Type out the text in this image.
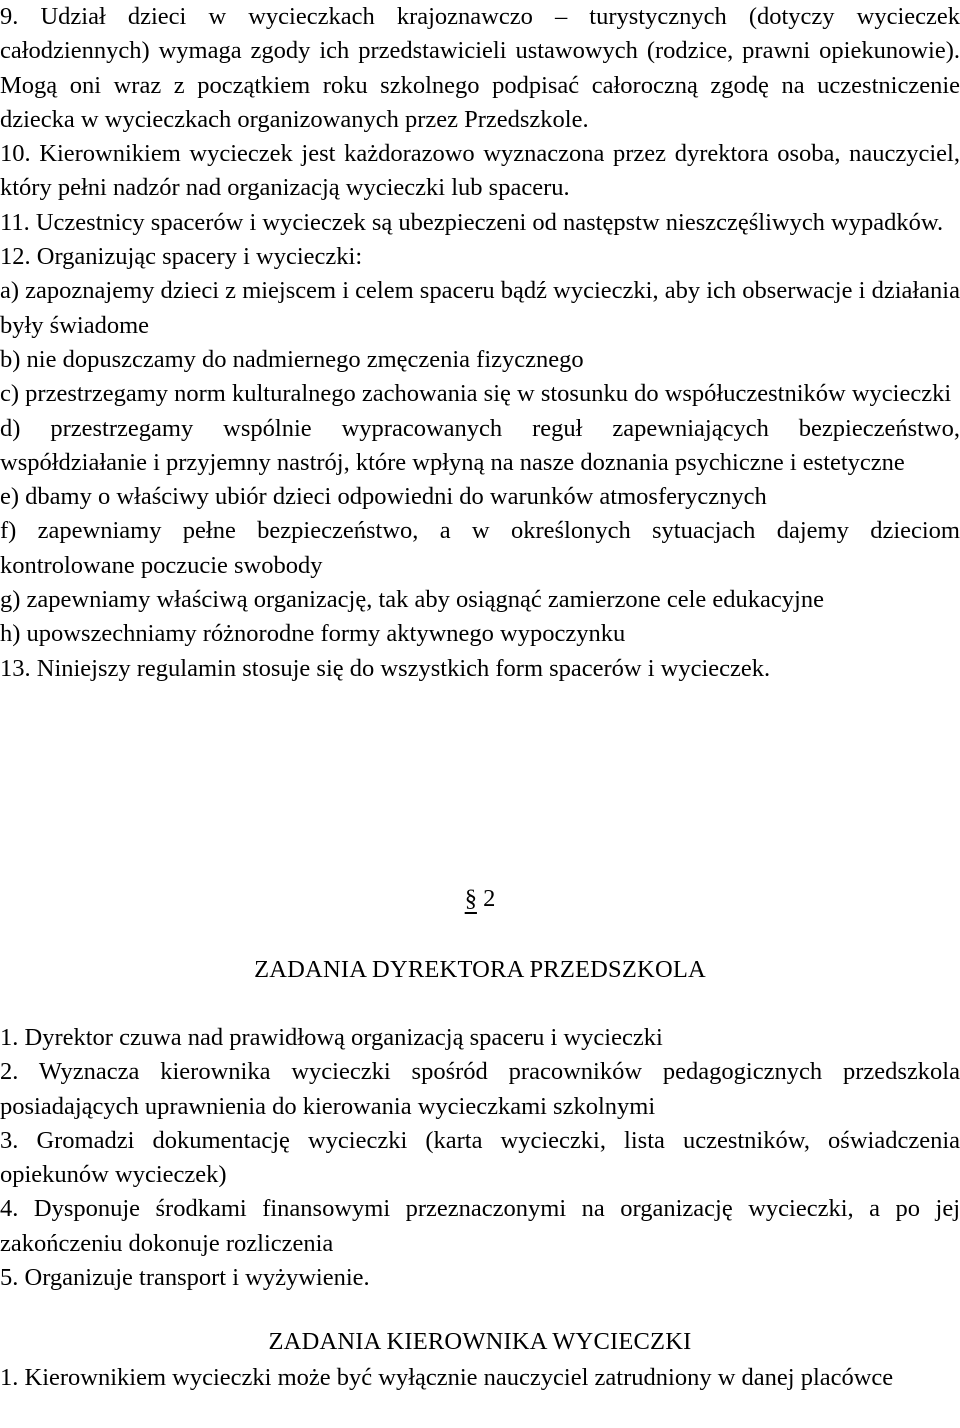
9. Udział dzieci w wycieczkach krajoznawczo – turystycznych (dotyczy wycieczek całodziennych) wymaga zgody ich przedstawicieli ustawowych (rodzice, prawni opiekunowie). Mogą oni wraz z początkiem roku szkolnego podpisać całoroczną zgodę na uczestniczenie dziecka w wycieczkach organizowanych przez Przedszkole.

10. Kierownikiem wycieczek jest każdorazowo wyznaczona przez dyrektora osoba, nauczyciel, który pełni nadzór nad organizacją wycieczki lub spaceru.

11. Uczestnicy spacerów i wycieczek są ubezpieczeni od następstw nieszczęśliwych wypadków.

12. Organizując spacery i wycieczki:

a) zapoznajemy dzieci z miejscem i celem spaceru bądź wycieczki, aby ich obserwacje i działania były świadome

b) nie dopuszczamy do nadmiernego zmęczenia fizycznego

c) przestrzegamy norm kulturalnego zachowania się w stosunku do współuczestników wycieczki

d) przestrzegamy wspólnie wypracowanych reguł zapewniających bezpieczeństwo, współdziałanie i przyjemny nastrój, które wpłyną na nasze doznania psychiczne i estetyczne

e) dbamy o właściwy ubiór dzieci odpowiedni do warunków atmosferycznych

f) zapewniamy pełne bezpieczeństwo, a w określonych sytuacjach dajemy dzieciom kontrolowane poczucie swobody

g) zapewniamy właściwą organizację, tak aby osiągnąć zamierzone cele edukacyjne

h) upowszechniamy różnorodne formy aktywnego wypoczynku

13. Niniejszy regulamin stosuje się do wszystkich form spacerów i wycieczek.

§ 2

ZADANIA DYREKTORA PRZEDSZKOLA

1. Dyrektor czuwa nad prawidłową organizacją spaceru i wycieczki

2. Wyznacza kierownika wycieczki spośród pracowników pedagogicznych przedszkola posiadających uprawnienia do kierowania wycieczkami szkolnymi

3. Gromadzi dokumentację wycieczki (karta wycieczki, lista uczestników, oświadczenia opiekunów wycieczek)

4. Dysponuje środkami finansowymi przeznaczonymi na organizację wycieczki, a po jej zakończeniu dokonuje rozliczenia

5. Organizuje transport i wyżywienie.

ZADANIA KIEROWNIKA WYCIECZKI

1. Kierownikiem wycieczki może być wyłącznie nauczyciel zatrudniony w danej placówce
